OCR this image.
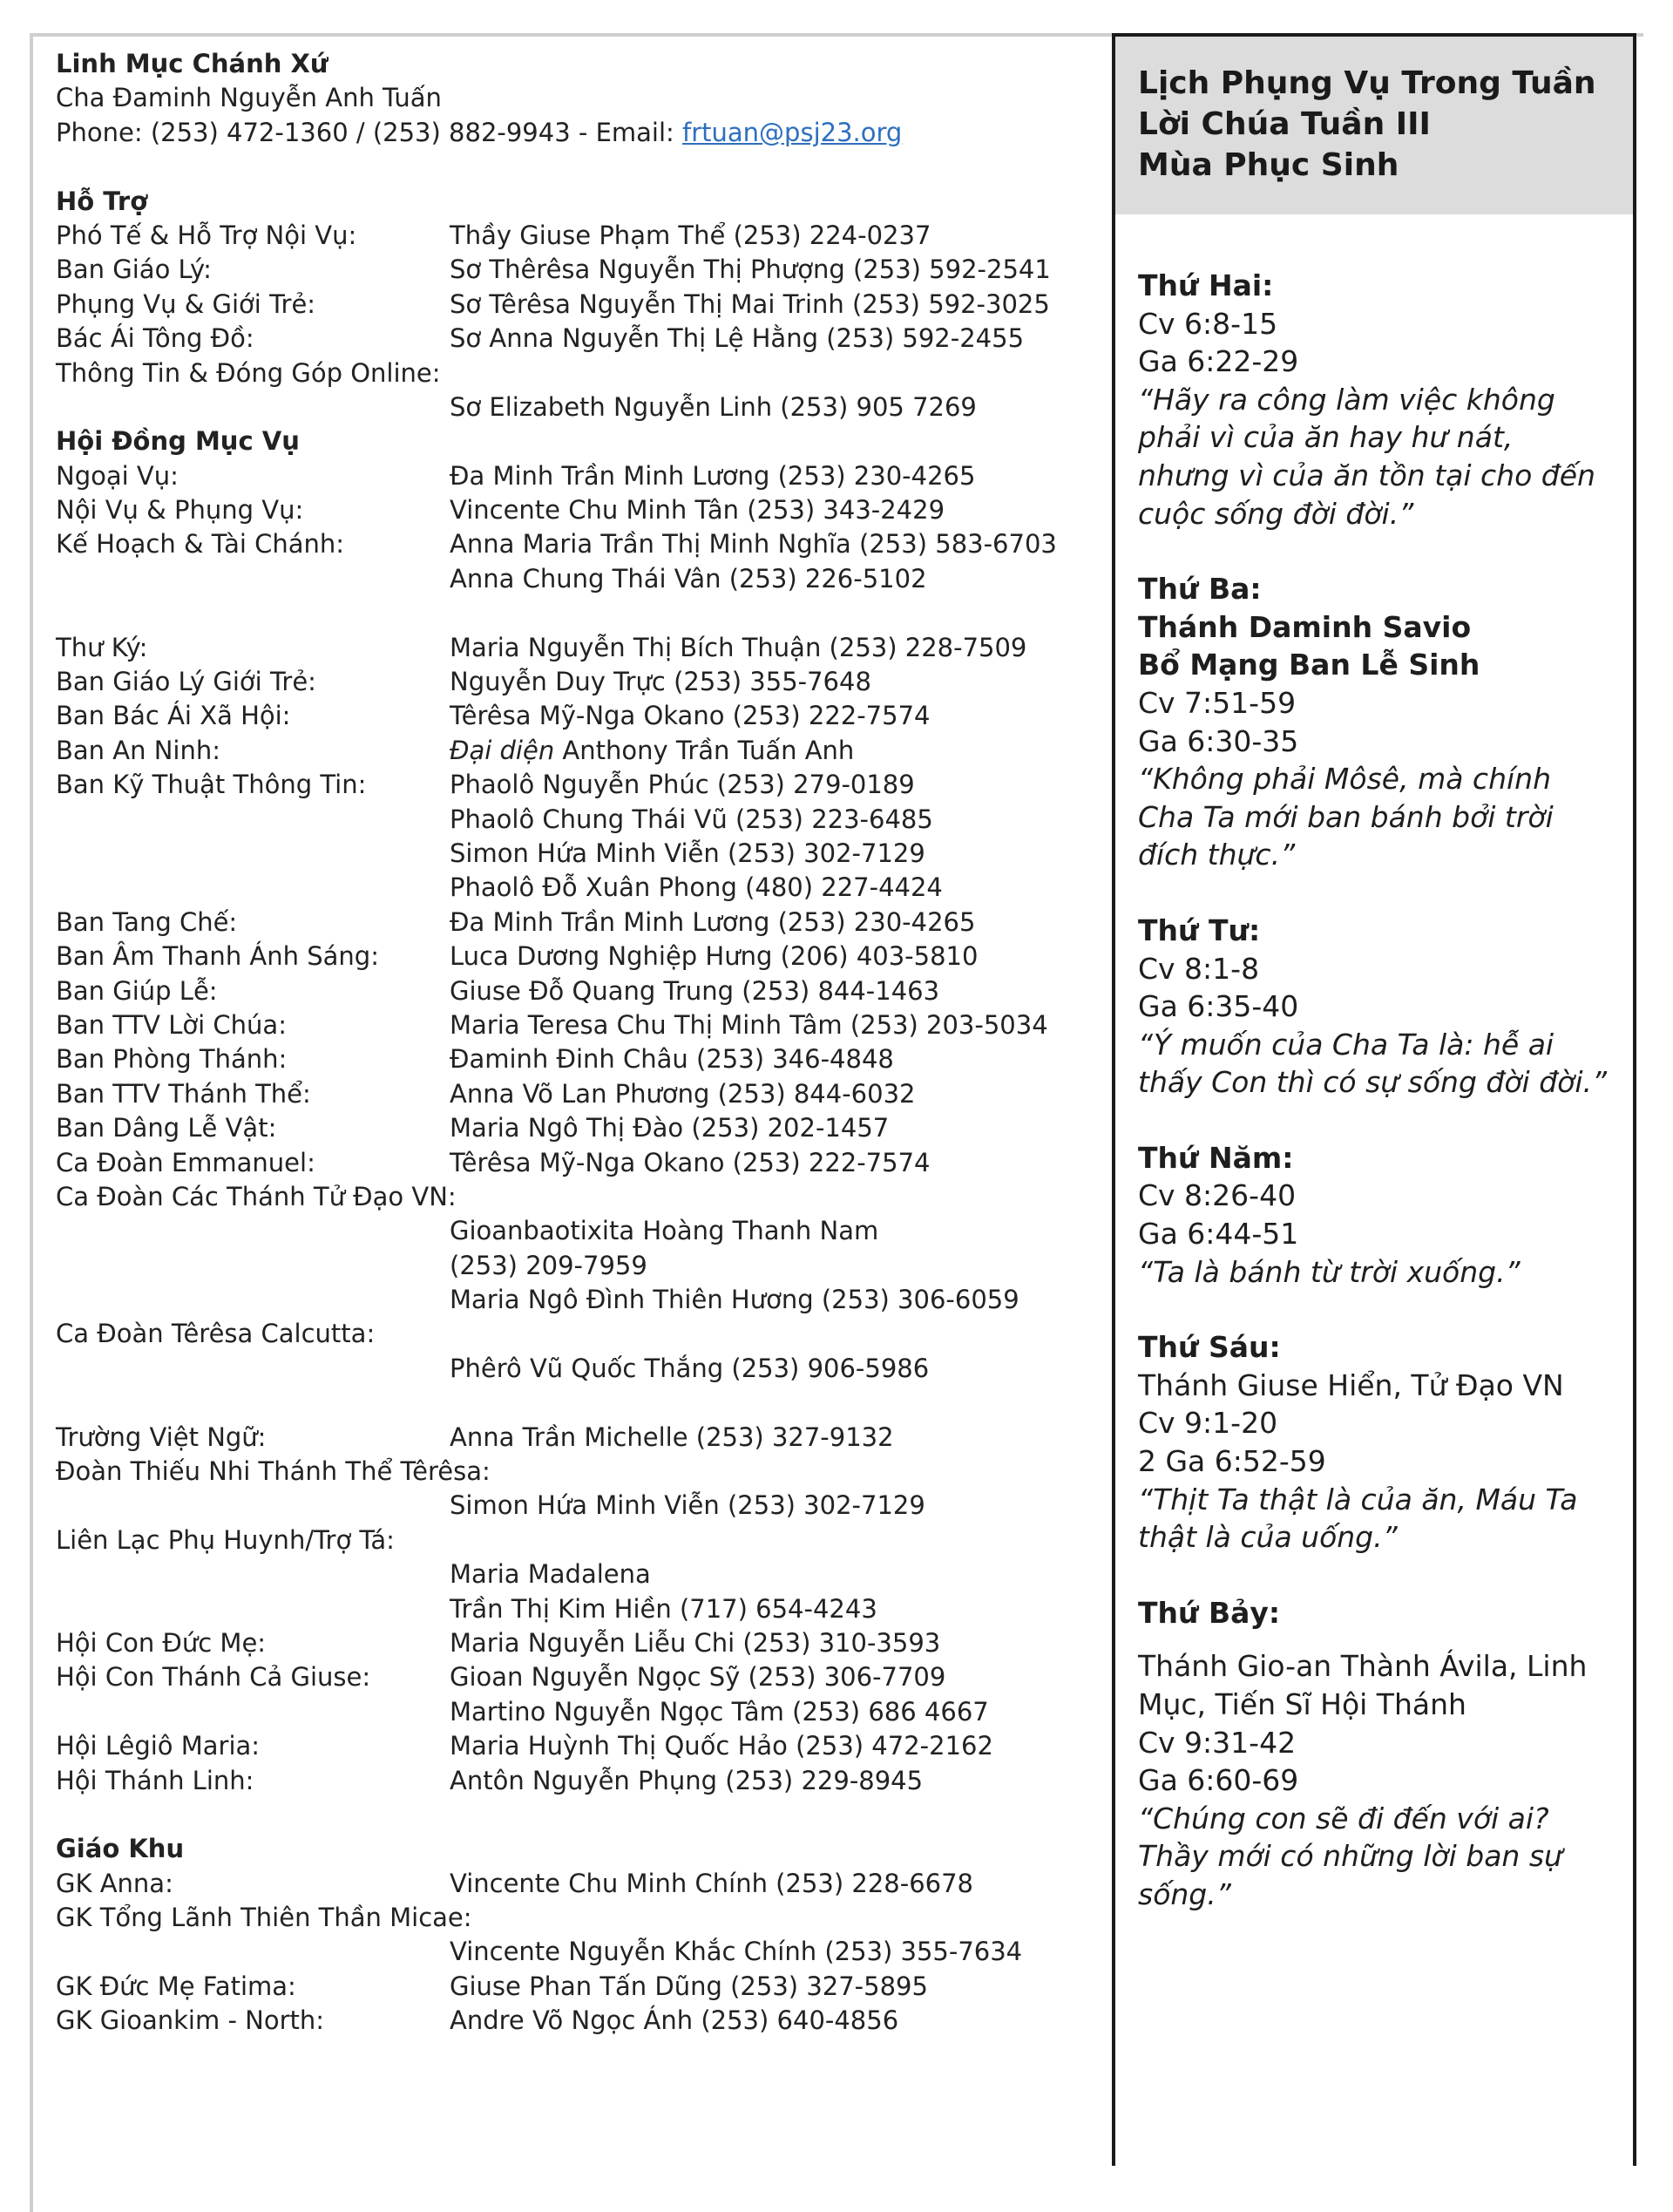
Linh Mục Chánh Xứ
Cha Đaminh Nguyễn Anh Tuấn
Phone: (253) 472-1360 / (253) 882-9943 - Email: frtuan@psj23.org
Hỗ Trợ
Phó Tế & Hỗ Trợ Nội Vụ:	Thầy Giuse Phạm Thể (253) 224-0237
Ban Giáo Lý:	Sơ Thêrêsa Nguyễn Thị Phượng (253) 592-2541
Phụng Vụ & Giới Trẻ:	Sơ Têrêsa Nguyễn Thị Mai Trinh (253) 592-3025
Bác Ái Tông Đồ:	Sơ Anna Nguyễn Thị Lệ Hằng (253) 592-2455
Thông Tin & Đóng Góp Online:
Sơ Elizabeth Nguyễn Linh (253) 905 7269
Hội Đồng Mục Vụ
Ngoại Vụ:	Đa Minh Trần Minh Lương (253) 230-4265
Nội Vụ & Phụng Vụ:	Vincente Chu Minh Tân (253) 343-2429
Kế Hoạch & Tài Chánh:	Anna Maria Trần Thị Minh Nghĩa (253) 583-6703
Anna Chung Thái Vân (253) 226-5102
Thư Ký:	Maria Nguyễn Thị Bích Thuận (253) 228-7509
Ban Giáo Lý Giới Trẻ:	Nguyễn Duy Trực (253) 355-7648
Ban Bác Ái Xã Hội:	Têrêsa Mỹ-Nga Okano (253) 222-7574
Ban An Ninh:	Đại diện Anthony Trần Tuấn Anh
Ban Kỹ Thuật Thông Tin:	Phaolô Nguyễn Phúc (253) 279-0189
Phaolô Chung Thái Vũ (253) 223-6485
Simon Hứa Minh Viễn (253) 302-7129
Phaolô Đỗ Xuân Phong (480) 227-4424
Ban Tang Chế:	Đa Minh Trần Minh Lương (253) 230-4265
Ban Âm Thanh Ánh Sáng:	Luca Dương Nghiệp Hưng (206) 403-5810
Ban Giúp Lễ:	Giuse Đỗ Quang Trung (253) 844-1463
Ban TTV Lời Chúa:	Maria Teresa Chu Thị Minh Tâm (253) 203-5034
Ban Phòng Thánh:	Đaminh Đinh Châu (253) 346-4848
Ban TTV Thánh Thể:	Anna Võ Lan Phương (253) 844-6032
Ban Dâng Lễ Vật:	Maria Ngô Thị Đào (253) 202-1457
Ca Đoàn Emmanuel:	Têrêsa Mỹ-Nga Okano (253) 222-7574
Ca Đoàn Các Thánh Tử Đạo VN:
Gioanbaotixita Hoàng Thanh Nam
(253) 209-7959
Maria Ngô Đình Thiên Hương (253) 306-6059
Ca Đoàn Têrêsa Calcutta:
Phêrô Vũ Quốc Thắng (253) 906-5986
Trường Việt Ngữ:	Anna Trần Michelle (253) 327-9132
Đoàn Thiếu Nhi Thánh Thể Têrêsa:
Simon Hứa Minh Viễn (253) 302-7129
Liên Lạc Phụ Huynh/Trợ Tá:
Maria Madalena
Trần Thị Kim Hiền (717) 654-4243
Hội Con Đức Mẹ:	Maria Nguyễn Liễu Chi (253) 310-3593
Hội Con Thánh Cả Giuse:	Gioan Nguyễn Ngọc Sỹ (253) 306-7709
Martino Nguyễn Ngọc Tâm (253) 686 4667
Hội Lêgiô Maria:	Maria Huỳnh Thị Quốc Hảo (253) 472-2162
Hội Thánh Linh:	Antôn Nguyễn Phụng (253) 229-8945
Giáo Khu
GK Anna:	Vincente Chu Minh Chính (253) 228-6678
GK Tổng Lãnh Thiên Thần Micae:
Vincente Nguyễn Khắc Chính (253) 355-7634
GK Đức Mẹ Fatima:	Giuse Phan Tấn Dũng (253) 327-5895
GK Gioankim - North:	Andre Võ Ngọc Ánh (253) 640-4856
Lịch Phụng Vụ Trong Tuần
Lời Chúa Tuần III
Mùa Phục Sinh
Thứ Hai:
Cv 6:8-15
Ga 6:22-29
“Hãy ra công làm việc không phải vì của ăn hay hư nát, nhưng vì của ăn tồn tại cho đến cuộc sống đời đời.”
Thứ Ba:
Thánh Daminh Savio
Bổ Mạng Ban Lễ Sinh
Cv 7:51-59
Ga 6:30-35
“Không phải Môsê, mà chính Cha Ta mới ban bánh bởi trời đích thực.”
Thứ Tư:
Cv 8:1-8
Ga 6:35-40
“Ý muốn của Cha Ta là: hễ ai thấy Con thì có sự sống đời đời.”
Thứ Năm:
Cv 8:26-40
Ga 6:44-51
“Ta là bánh từ trời xuống.”
Thứ Sáu:
Thánh Giuse Hiển, Tử Đạo VN
Cv 9:1-20
2 Ga 6:52-59
“Thịt Ta thật là của ăn, Máu Ta thật là của uống.”
Thứ Bảy:
Thánh Gio-an Thành Ávila, Linh Mục, Tiến Sĩ Hội Thánh
Cv 9:31-42
Ga 6:60-69
“Chúng con sẽ đi đến với ai? Thầy mới có những lời ban sự sống.”
